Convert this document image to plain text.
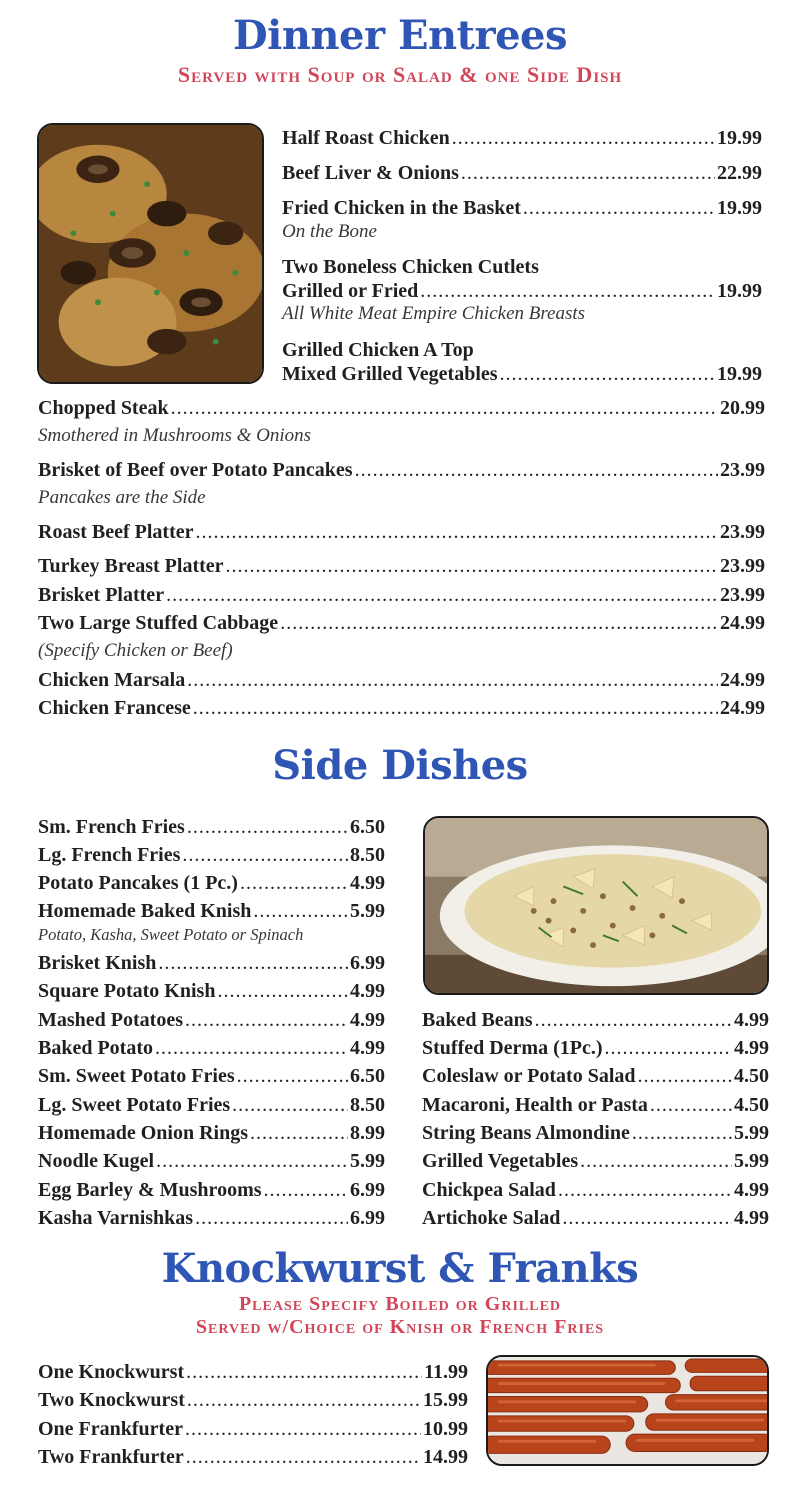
Dinner Entrees
Served with Soup or Salad & one Side Dish
Half Roast Chicken .....	19.99
Beef Liver & Onions .....	22.99
Fried Chicken in the Basket .....	19.99
On the Bone
Two Boneless Chicken Cutlets
Grilled or Fried .....	19.99
All White Meat Empire Chicken Breasts
Grilled Chicken A Top
Mixed Grilled Vegetables .....	19.99
Chopped Steak .....	20.99
Smothered in Mushrooms & Onions
Brisket of Beef over Potato Pancakes .....	23.99
Pancakes are the Side
Roast Beef Platter .....	23.99
Turkey Breast Platter .....	23.99
Brisket Platter .....	23.99
Two Large Stuffed Cabbage .....	24.99
(Specify Chicken or Beef)
Chicken Marsala .....	24.99
Chicken Francese .....	24.99
Side Dishes
Sm. French Fries .....	6.50
Lg. French Fries .....	8.50
Potato Pancakes (1 Pc.) .....	4.99
Homemade Baked Knish .....	5.99
Potato, Kasha, Sweet Potato or Spinach
Brisket Knish .....	6.99
Square Potato Knish .....	4.99
Mashed Potatoes .....	4.99
Baked Potato .....	4.99
Sm. Sweet Potato Fries .....	6.50
Lg. Sweet Potato Fries .....	8.50
Homemade Onion Rings .....	8.99
Noodle Kugel .....	5.99
Egg Barley & Mushrooms .....	6.99
Kasha Varnishkas .....	6.99
Baked Beans .....	4.99
Stuffed Derma (1Pc.) .....	4.99
Coleslaw or Potato Salad .....	4.50
Macaroni, Health or Pasta .....	4.50
String Beans Almondine .....	5.99
Grilled Vegetables .....	5.99
Chickpea Salad .....	4.99
Artichoke Salad .....	4.99
Knockwurst & Franks
Please Specify Boiled or Grilled
Served w/Choice of Knish or French Fries
One Knockwurst .....	11.99
Two Knockwurst .....	15.99
One Frankfurter .....	10.99
Two Frankfurter .....	14.99
